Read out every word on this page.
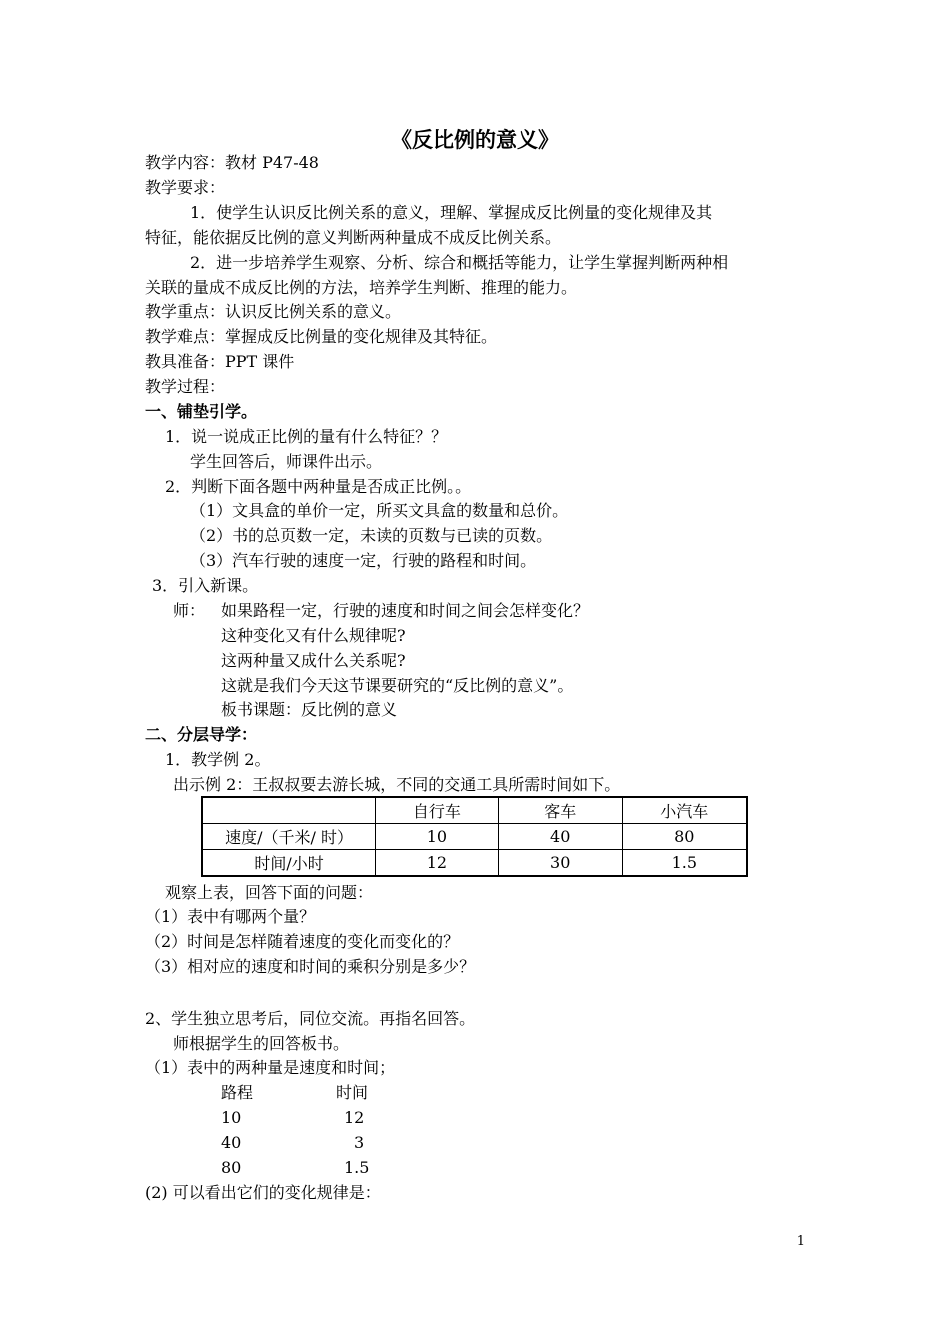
《反比例的意义》
教学内容：教材 P47-48
教学要求：
1．使学生认识反比例关系的意义，理解、掌握成反比例量的变化规律及其
特征，能依据反比例的意义判断两种量成不成反比例关系。
2．进一步培养学生观察、分析、综合和概括等能力，让学生掌握判断两种相
关联的量成不成反比例的方法，培养学生判断、推理的能力。
教学重点：认识反比例关系的意义。
教学难点：掌握成反比例量的变化规律及其特征。
教具准备：PPT 课件
教学过程：
一、铺垫引学。
1．说一说成正比例的量有什么特征？？
学生回答后，师课件出示。
2．判断下面各题中两种量是否成正比例。。
（1）文具盒的单价一定，所买文具盒的数量和总价。
（2）书的总页数一定，未读的页数与已读的页数。
（3）汽车行驶的速度一定，行驶的路程和时间。
3．引入新课。
师： 如果路程一定，行驶的速度和时间之间会怎样变化？
这种变化又有什么规律呢?
这两种量又成什么关系呢?
这就是我们今天这节课要研究的“反比例的意义”。
板书课题：反比例的意义
二、分层导学：
1．教学例 2。
出示例 2：王叔叔要去游长城，不同的交通工具所需时间如下。
	自行车	客车	小汽车
速度/（千米/ 时）	10	40	80
时间/小时	12	30	1.5
观察上表，回答下面的问题：
（1）表中有哪两个量？
（2）时间是怎样随着速度的变化而变化的？
（3）相对应的速度和时间的乘积分别是多少？
2、学生独立思考后，同位交流。再指名回答。
师根据学生的回答板书。
（1）表中的两种量是速度和时间；
路程	时间
10	12
40	3
80	1.5
(2) 可以看出它们的变化规律是：
1
